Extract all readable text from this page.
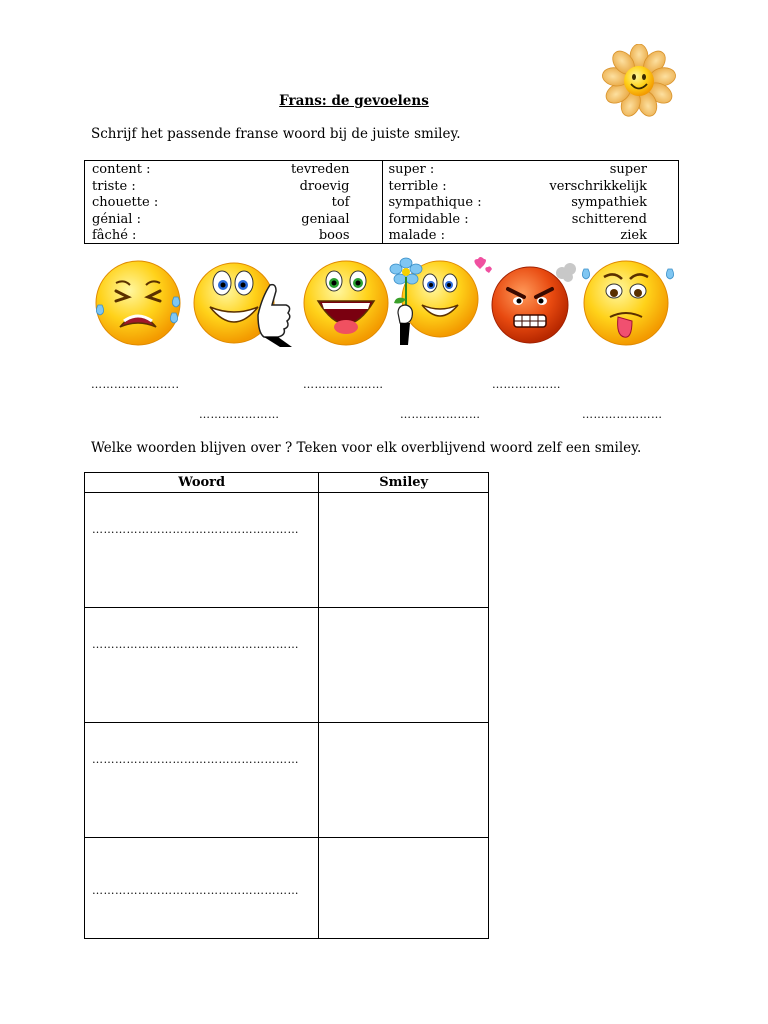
Frans: de gevoelens
Schrijf het passende franse woord bij de juiste smiley.
content :	tevreden
triste :	droevig
chouette :	tof
génial :	geniaal
fâché :	boos
super :	super
terrible :	verschrikkelijk
sympathique :	sympathiek
formidable :	schitterend
malade :	ziek
…………………..	…………………	………………
…………………	…………………	…………………
Welke woorden blijven over ? Teken voor elk overblijvend woord zelf een smiley.
Woord	Smiley

………………………………………………	

………………………………………………	

………………………………………………	

………………………………………………	
